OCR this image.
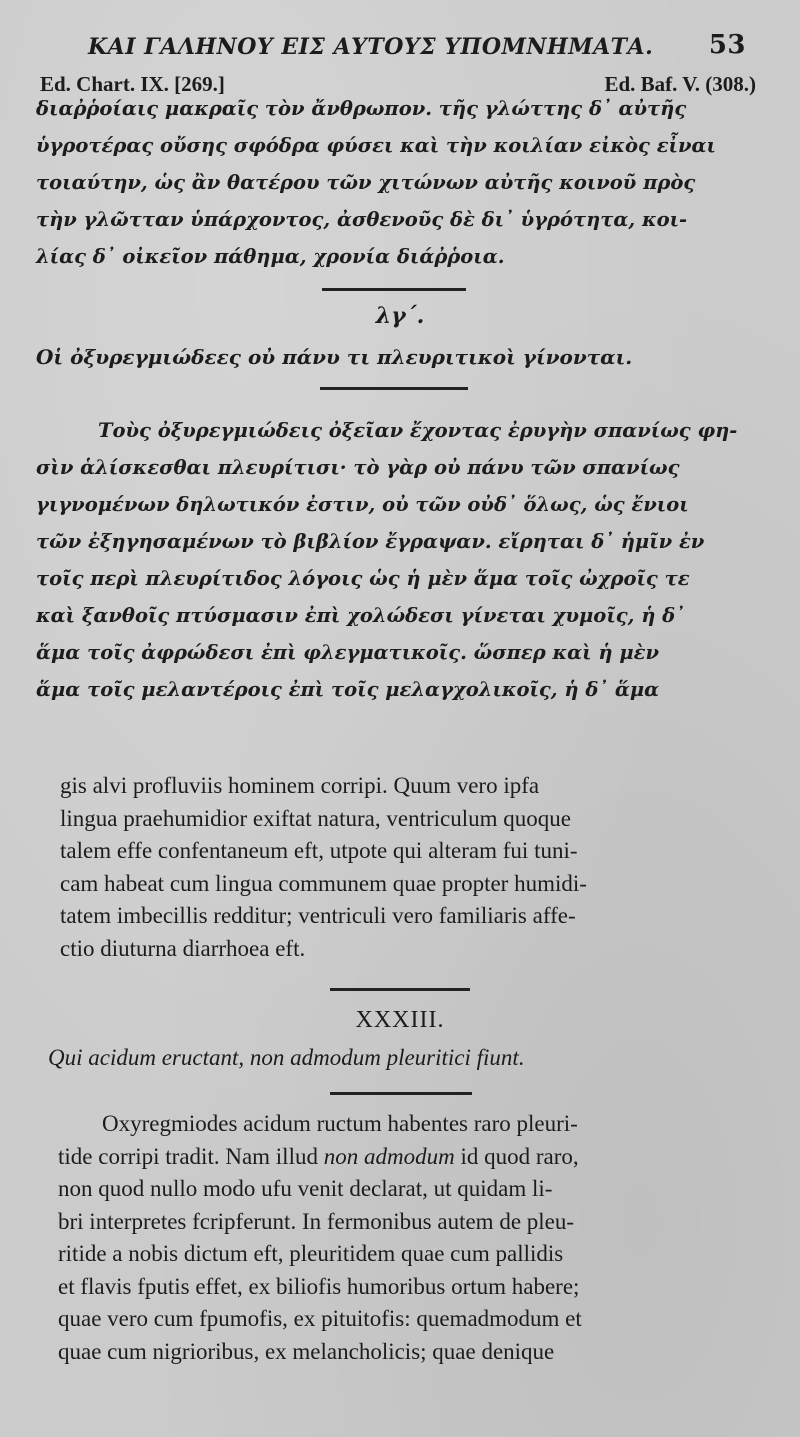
ΚΑΙ ΓΑΛΗΝΟΥ ΕΙΣ ΑΥΤΟΥΣ ΥΠΟΜΝΗΜΑΤΑ. 53
Ed. Chart. IX. [269.]	Ed. Baf. V. (308.)

διαῤῥοίαις μακραῖς τὸν ἄνθρωπον. τῆς γλώττης δ᾿ αὐτῆς

ὑγροτέρας οὔσης σφόδρα φύσει καὶ τὴν κοιλίαν εἰκὸς εἶναι

τοιαύτην, ὡς ἂν θατέρου τῶν χιτώνων αὐτῆς κοινοῦ πρὸς

τὴν γλῶτταν ὑπάρχοντος, ἀσθενοῦς δὲ δι᾿ ὑγρότητα, κοι-

λίας δ᾿ οἰκεῖον πάθημα, χρονία διάῤῥοια.

λγ΄.
Οἱ ὀξυρεγμιώδεες οὐ πάνυ τι πλευριτικοὶ γίνονται.

Τοὺς ὀξυρεγμιώδεις ὀξεῖαν ἔχοντας ἐρυγὴν σπανίως φη-

σὶν ἁλίσκεσθαι πλευρίτισι· τὸ γὰρ οὐ πάνυ τῶν σπανίως

γιγνομένων δηλωτικόν ἐστιν, οὐ τῶν οὐδ᾿ ὅλως, ὡς ἔνιοι

τῶν ἐξηγησαμένων τὸ βιβλίον ἔγραψαν. εἴρηται δ᾿ ἡμῖν ἐν

τοῖς περὶ πλευρίτιδος λόγοις ὡς ἡ μὲν ἅμα τοῖς ὠχροῖς τε

καὶ ξανθοῖς πτύσμασιν ἐπὶ χολώδεσι γίνεται χυμοῖς, ἡ δ᾿

ἅμα τοῖς ἀφρώδεσι ἐπὶ φλεγματικοῖς. ὥσπερ καὶ ἡ μὲν

ἅμα τοῖς μελαντέροις ἐπὶ τοῖς μελαγχολικοῖς, ἡ δ᾿ ἅμα

gis alvi profluviis hominem corripi. Quum vero ipfa

lingua praehumidior exiftat natura, ventriculum quoque

talem effe confentaneum eft, utpote qui alteram fui tuni-

cam habeat cum lingua communem quae propter humidi-

tatem imbecillis redditur; ventriculi vero familiaris affe-

ctio diuturna diarrhoea eft.

XXXIII.
Qui acidum eructant, non admodum pleuritici fiunt.

Oxyregmiodes acidum ructum habentes raro pleuri-

tide corripi tradit. Nam illud non admodum id quod raro,

non quod nullo modo ufu venit declarat, ut quidam li-

bri interpretes fcripferunt. In fermonibus autem de pleu-

ritide a nobis dictum eft, pleuritidem quae cum pallidis

et flavis fputis effet, ex biliofis humoribus ortum habere;

quae vero cum fpumofis, ex pituitofis: quemadmodum et

quae cum nigrioribus, ex melancholicis; quae denique
